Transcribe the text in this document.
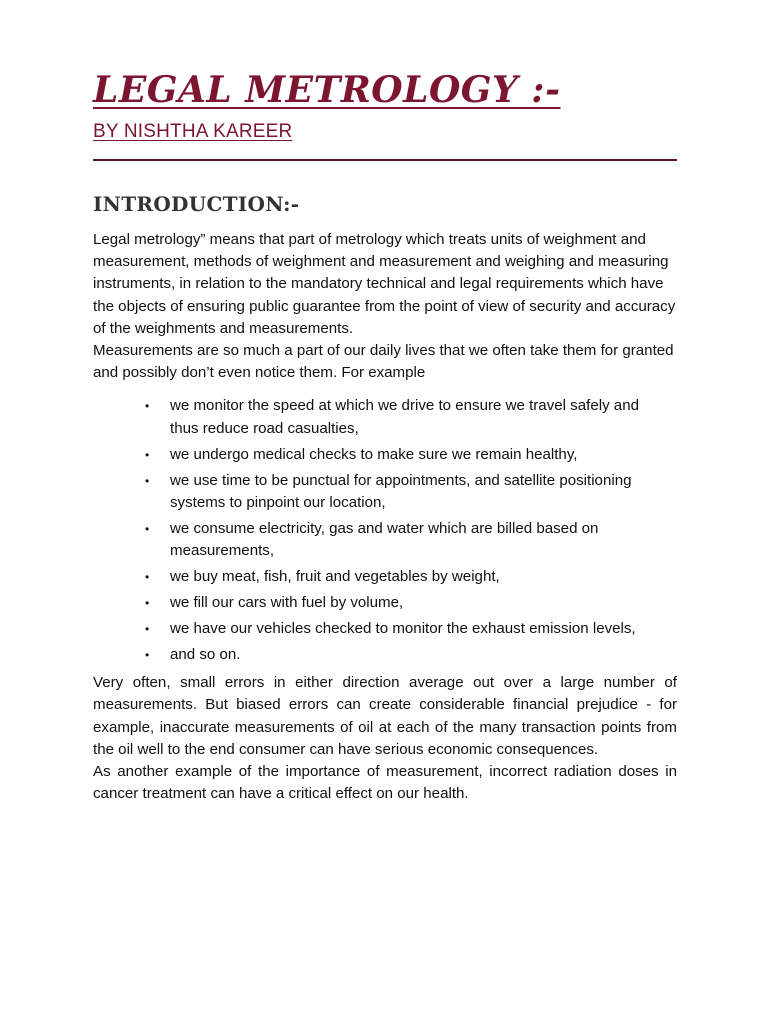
LEGAL METROLOGY :-
BY NISHTHA KAREER
INTRODUCTION:-

Legal metrology” means that part of metrology which treats units of weighment and measurement, methods of weighment and measurement and weighing and measuring instruments, in relation to the mandatory technical and legal requirements which have the objects of ensuring public guarantee from the point of view of security and accuracy of the weighments and measurements.

Measurements are so much a part of our daily lives that we often take them for granted and possibly don’t even notice them. For example

• we monitor the speed at which we drive to ensure we travel safely and thus reduce road casualties,
• we undergo medical checks to make sure we remain healthy,
• we use time to be punctual for appointments, and satellite positioning systems to pinpoint our location,
• we consume electricity, gas and water which are billed based on measurements,
• we buy meat, fish, fruit and vegetables by weight,
• we fill our cars with fuel by volume,
• we have our vehicles checked to monitor the exhaust emission levels,
• and so on.

Very often, small errors in either direction average out over a large number of measurements. But biased errors can create considerable financial prejudice - for example, inaccurate measurements of oil at each of the many transaction points from the oil well to the end consumer can have serious economic consequences.

As another example of the importance of measurement, incorrect radiation doses in cancer treatment can have a critical effect on our health.
